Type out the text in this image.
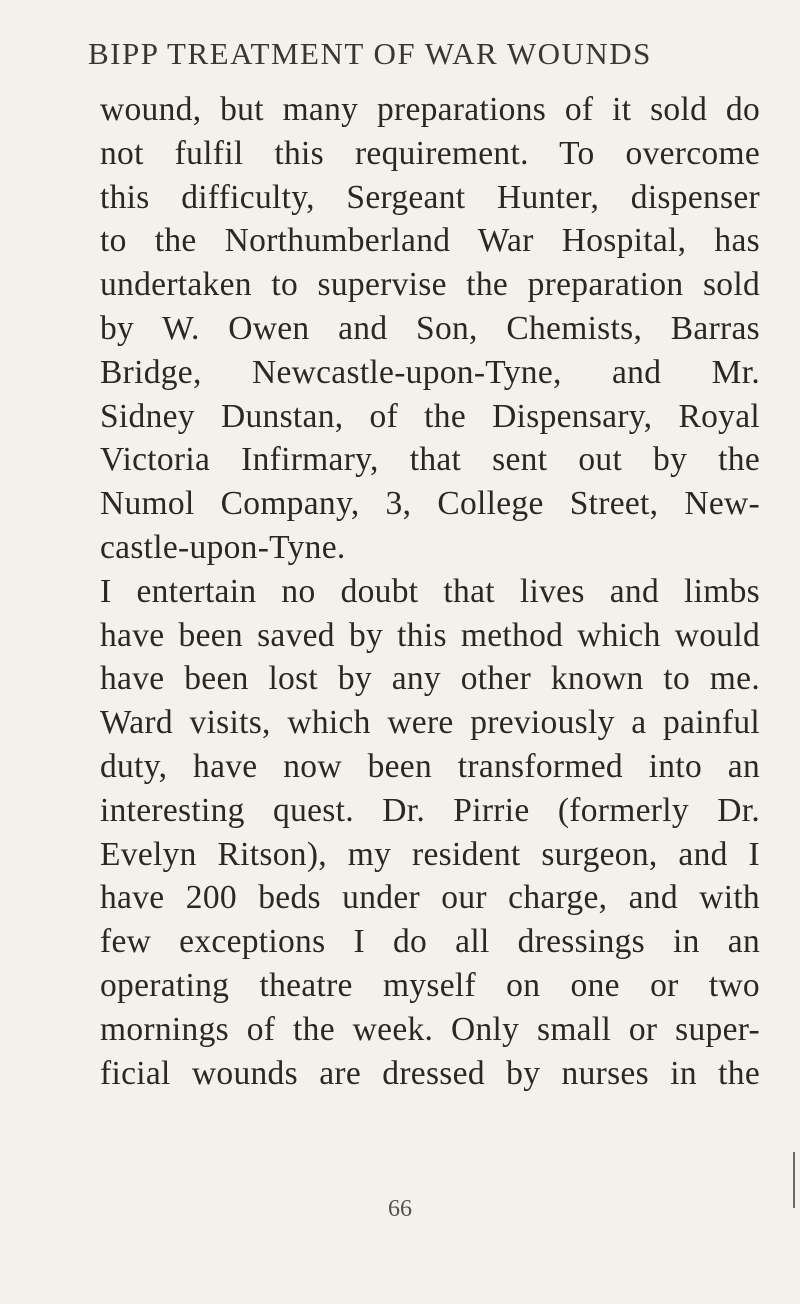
BIPP TREATMENT OF WAR WOUNDS
wound, but many preparations of it sold do
not fulfil this requirement. To overcome
this difficulty, Sergeant Hunter, dispenser
to the Northumberland War Hospital, has
undertaken to supervise the preparation sold
by W. Owen and Son, Chemists, Barras
Bridge, Newcastle-upon-Tyne, and Mr.
Sidney Dunstan, of the Dispensary, Royal
Victoria Infirmary, that sent out by the
Numol Company, 3, College Street, New-
castle-upon-Tyne.
I entertain no doubt that lives and limbs
have been saved by this method which would
have been lost by any other known to me.
Ward visits, which were previously a painful
duty, have now been transformed into an
interesting quest. Dr. Pirrie (formerly Dr.
Evelyn Ritson), my resident surgeon, and I
have 200 beds under our charge, and with
few exceptions I do all dressings in an
operating theatre myself on one or two
mornings of the week. Only small or super-
ficial wounds are dressed by nurses in the
66
